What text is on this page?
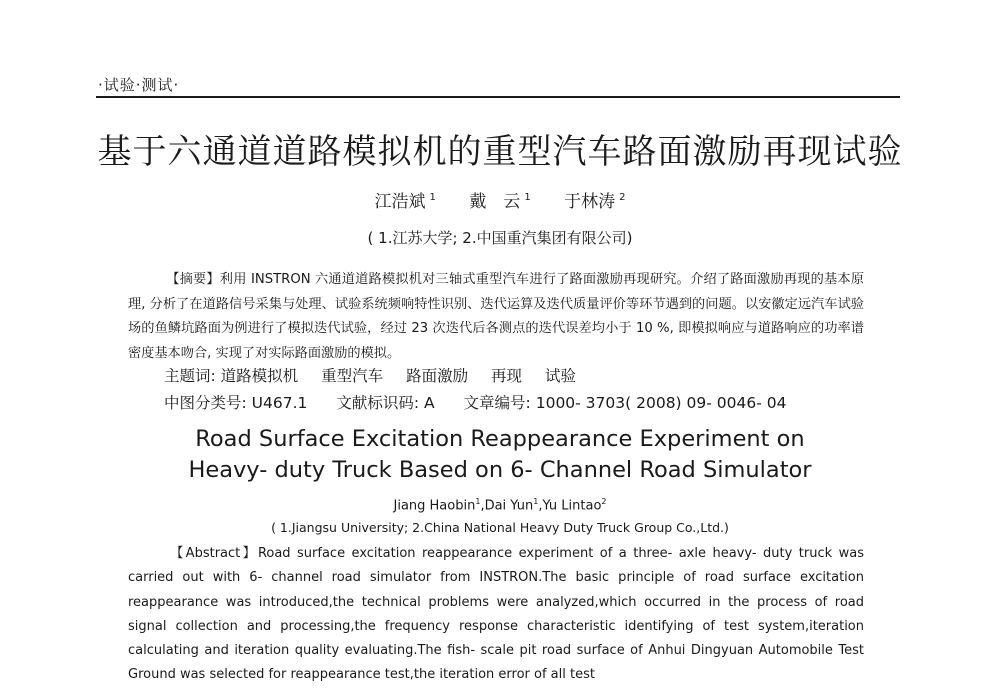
·试验·测试·
基于六通道道路模拟机的重型汽车路面激励再现试验
江浩斌 $^1$ 戴　云 $^1$ 于林涛 $^2$
( 1.江苏大学; 2.中国重汽集团有限公司)
【摘要】利用 INSTRON 六通道道路模拟机对三轴式重型汽车进行了路面激励再现研究。介绍了路面激励再现的基本原理, 分析了在道路信号采集与处理、试验系统频响特性识别、迭代运算及迭代质量评价等环节遇到的问题。以安徽定远汽车试验场的鱼鳞坑路面为例进行了模拟迭代试验，经过 23 次迭代后各测点的迭代误差均小于 10 %, 即模拟响应与道路响应的功率谱密度基本吻合, 实现了对实际路面激励的模拟。
主题词: 道路模拟机 重型汽车 路面激励 再现 试验
中图分类号: U467.1 文献标识码: A 文章编号: 1000- 3703( 2008) 09- 0046- 04
Road Surface Excitation Reappearance Experiment on
Heavy- duty Truck Based on 6- Channel Road Simulator
Jiang Haobin$^1$,Dai Yun$^1$,Yu Lintao$^2$
( 1.Jiangsu University; 2.China National Heavy Duty Truck Group Co.,Ltd.)
【Abstract】Road surface excitation reappearance experiment of a three- axle heavy- duty truck was carried out with 6- channel road simulator from INSTRON.The basic principle of road surface excitation reappearance was introduced,the technical problems were analyzed,which occurred in the process of road signal collection and processing,the frequency response characteristic identifying of test system,iteration calculating and iteration quality evaluating.The fish- scale pit road surface of Anhui Dingyuan Automobile Test Ground was selected for reappearance test,the iteration error of all test
